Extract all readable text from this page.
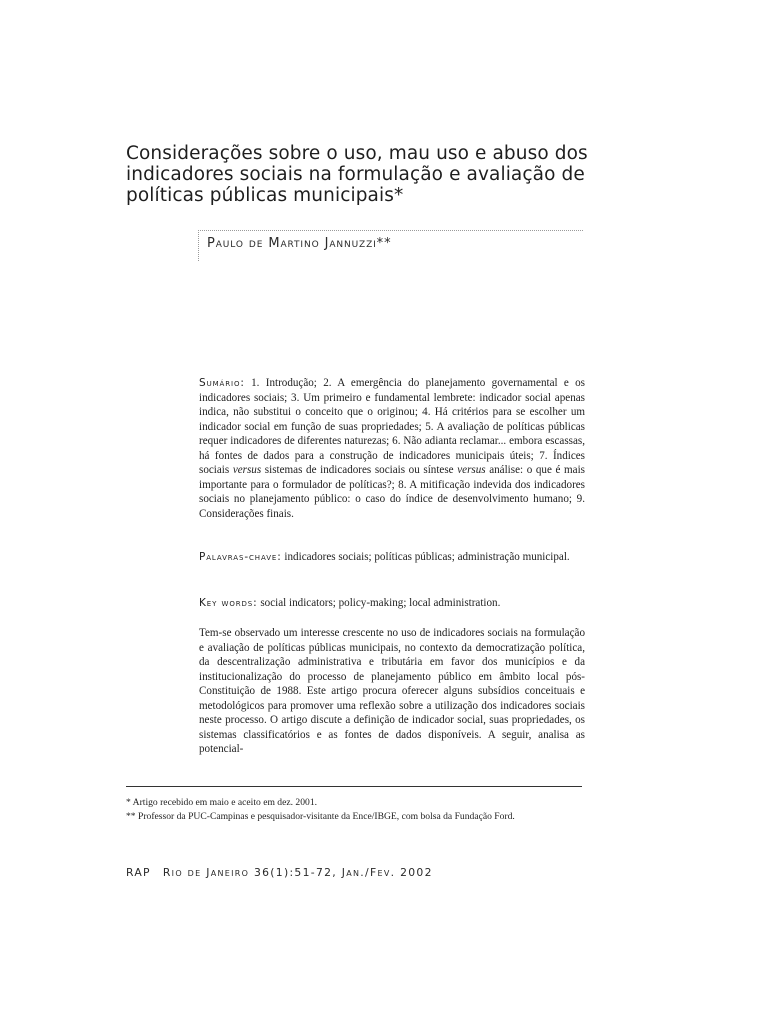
Considerações sobre o uso, mau uso e abuso dos indicadores sociais na formulação e avaliação de políticas públicas municipais*
Paulo de Martino Jannuzzi**
Sumário: 1. Introdução; 2. A emergência do planejamento governamental e os indicadores sociais; 3. Um primeiro e fundamental lembrete: indicador social apenas indica, não substitui o conceito que o originou; 4. Há critérios para se escolher um indicador social em função de suas propriedades; 5. A avaliação de políticas públicas requer indicadores de diferentes naturezas; 6. Não adianta reclamar... embora escassas, há fontes de dados para a construção de indicadores municipais úteis; 7. Índices sociais versus sistemas de indicadores sociais ou síntese versus análise: o que é mais importante para o formulador de políticas?; 8. A mitificação indevida dos indicadores sociais no planejamento público: o caso do índice de desenvolvimento humano; 9. Considerações finais.
Palavras-chave: indicadores sociais; políticas públicas; administração municipal.
Key words: social indicators; policy-making; local administration.
Tem-se observado um interesse crescente no uso de indicadores sociais na formulação e avaliação de políticas públicas municipais, no contexto da democratização política, da descentralização administrativa e tributária em favor dos municípios e da institucionalização do processo de planejamento público em âmbito local pós-Constituição de 1988. Este artigo procura oferecer alguns subsídios conceituais e metodológicos para promover uma reflexão sobre a utilização dos indicadores sociais neste processo. O artigo discute a definição de indicador social, suas propriedades, os sistemas classificatórios e as fontes de dados disponíveis. A seguir, analisa as potencial-

* Artigo recebido em maio e aceito em dez. 2001.

** Professor da PUC-Campinas e pesquisador-visitante da Ence/IBGE, com bolsa da Fundação Ford.

RAP Rio de Janeiro 36(1):51-72, Jan./Fev. 2002
